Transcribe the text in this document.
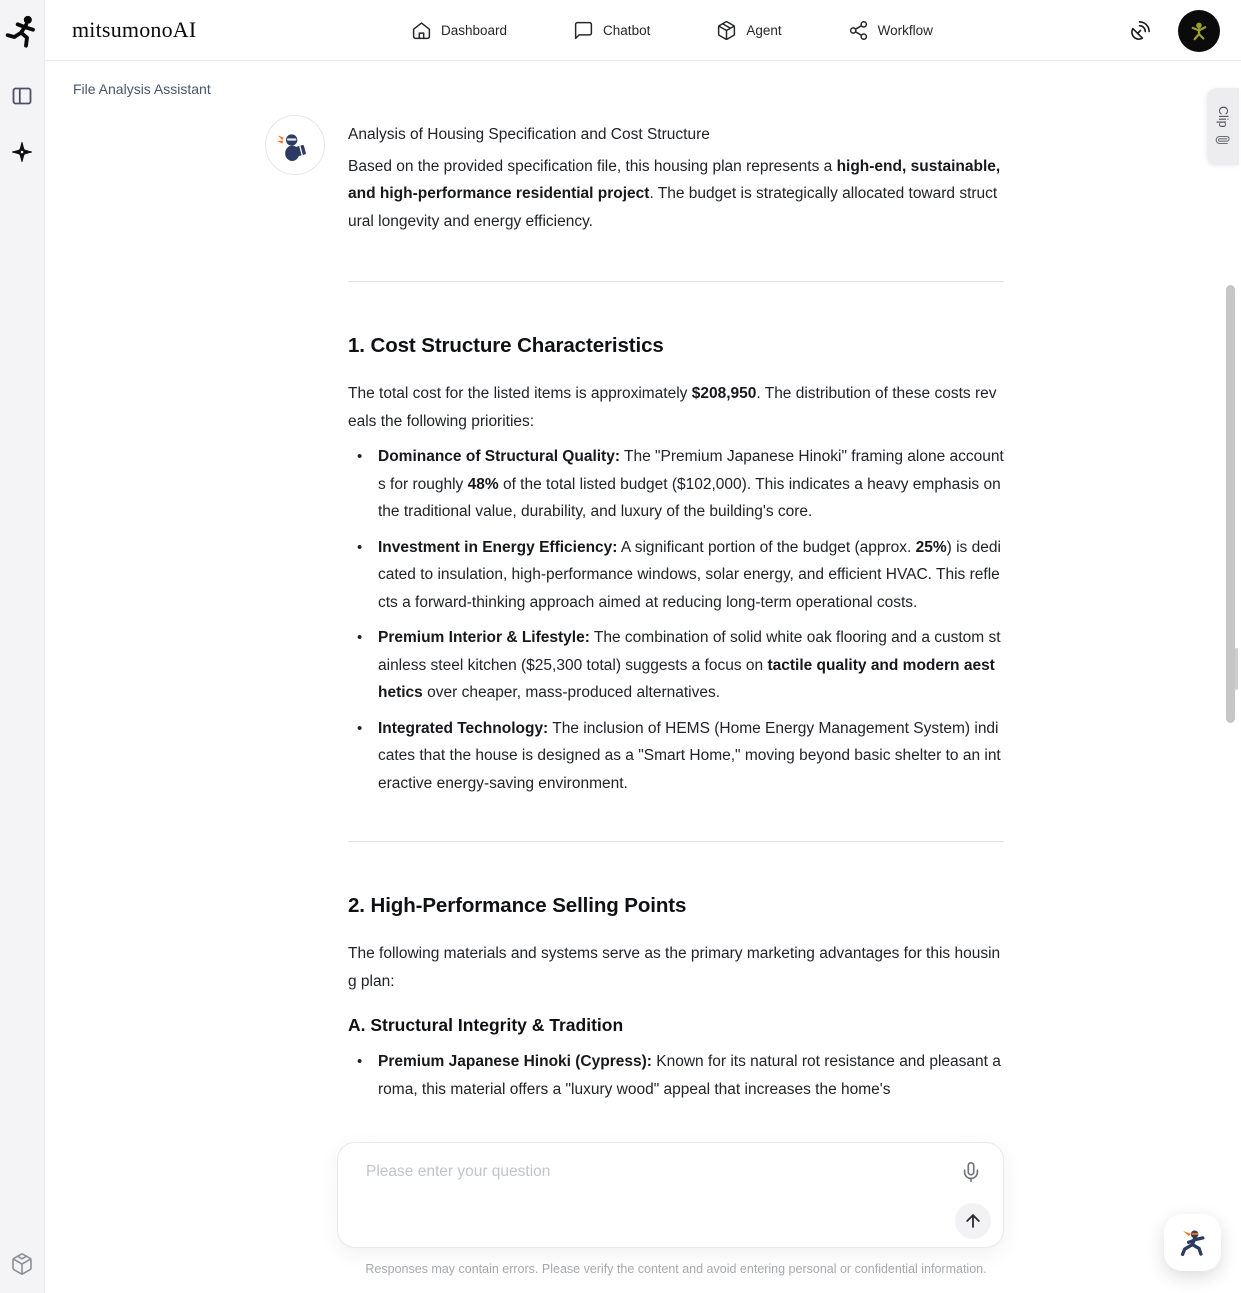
mitsumonoAI	Dashboard	Chatbot	Agent	Workflow
File Analysis Assistant

Analysis of Housing Specification and Cost Structure

Based on the provided specification file, this housing plan represents a high-end, sustainable, and high-performance residential project. The budget is strategically allocated toward structural longevity and energy efficiency.

1. Cost Structure Characteristics

The total cost for the listed items is approximately $208,950. The distribution of these costs reveals the following priorities:

• Dominance of Structural Quality: The "Premium Japanese Hinoki" framing alone accounts for roughly 48% of the total listed budget ($102,000). This indicates a heavy emphasis on the traditional value, durability, and luxury of the building's core.
• Investment in Energy Efficiency: A significant portion of the budget (approx. 25%) is dedicated to insulation, high-performance windows, solar energy, and efficient HVAC. This reflects a forward-thinking approach aimed at reducing long-term operational costs.
• Premium Interior & Lifestyle: The combination of solid white oak flooring and a custom stainless steel kitchen ($25,300 total) suggests a focus on tactile quality and modern aesthetics over cheaper, mass-produced alternatives.
• Integrated Technology: The inclusion of HEMS (Home Energy Management System) indicates that the house is designed as a "Smart Home," moving beyond basic shelter to an interactive energy-saving environment.
2. High-Performance Selling Points

The following materials and systems serve as the primary marketing advantages for this housing plan:

A. Structural Integrity & Tradition
• Premium Japanese Hinoki (Cypress): Known for its natural rot resistance and pleasant aroma, this material offers a "luxury wood" appeal that increases the home's
Please enter your question
Responses may contain errors. Please verify the content and avoid entering personal or confidential information.
Clip
